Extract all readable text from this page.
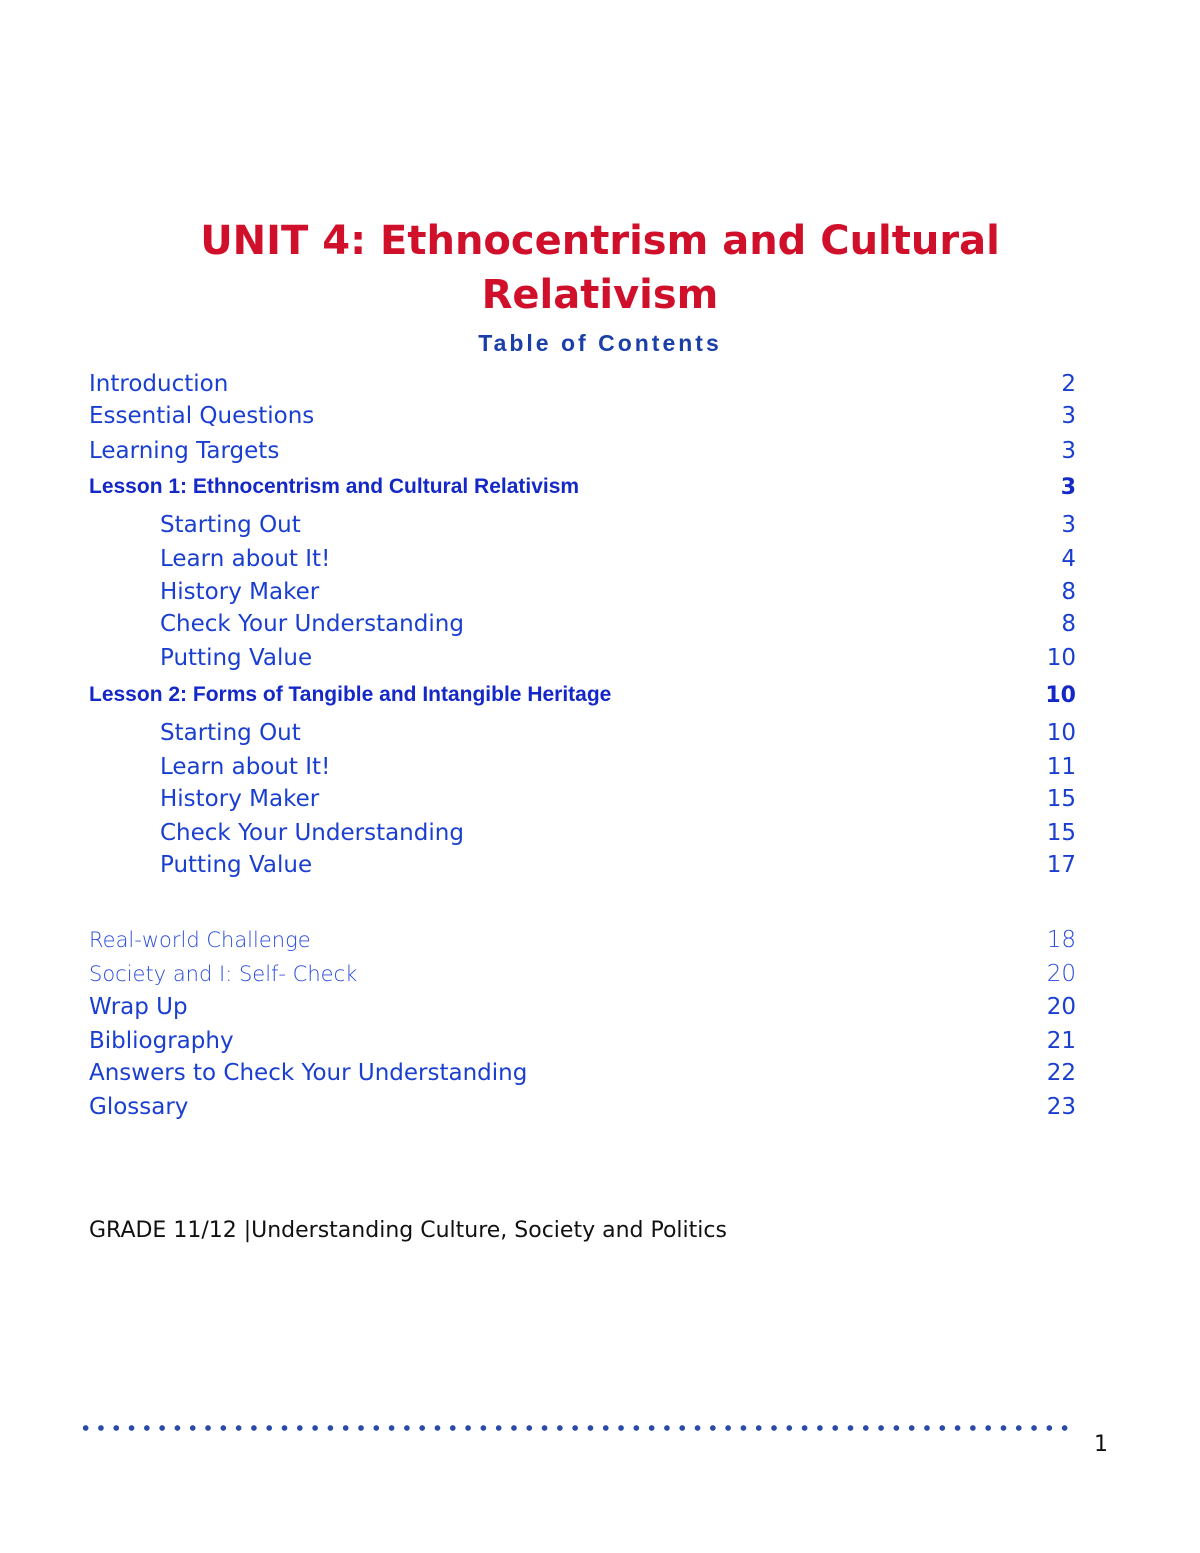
UNIT 4: Ethnocentrism and Cultural
Relativism
Table of Contents
Introduction	2
Essential Questions	3
Learning Targets	3
Lesson 1: Ethnocentrism and Cultural Relativism	3
Starting Out	3
Learn about It!	4
History Maker	8
Check Your Understanding	8
Putting Value	10
Lesson 2: Forms of Tangible and Intangible Heritage	10
Starting Out	10
Learn about It!	11
History Maker	15
Check Your Understanding	15
Putting Value	17
Real-world Challenge	18
Society and I: Self- Check	20
Wrap Up	20
Bibliography	21
Answers to Check Your Understanding	22
Glossary	23
GRADE 11/12 |Understanding Culture, Society and Politics
1
